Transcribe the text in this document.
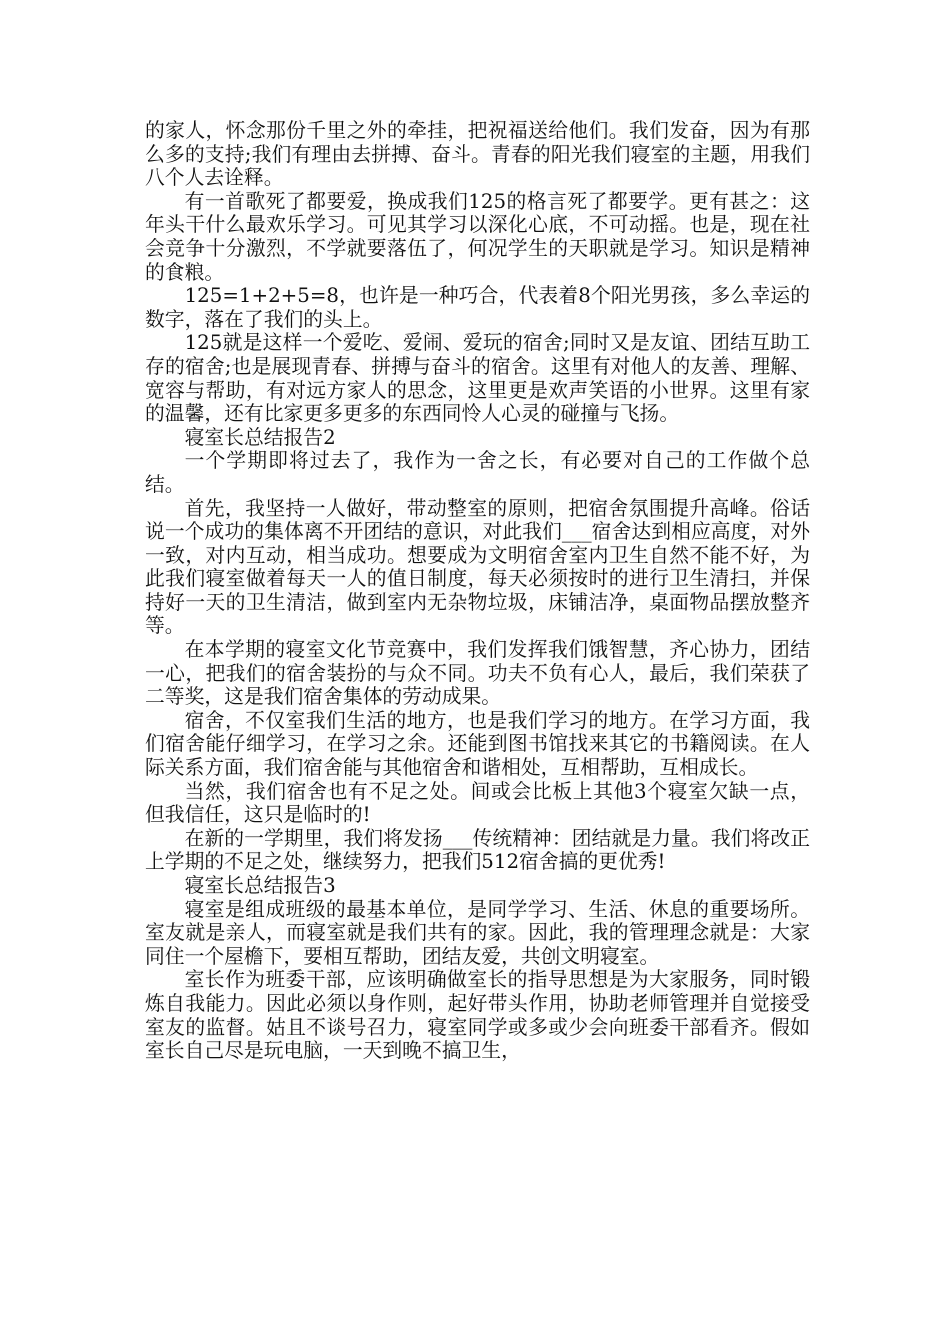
的家人，怀念那份千里之外的牵挂，把祝福送给他们。我们发奋，因为有那么多的支持;我们有理由去拼搏、奋斗。青春的阳光我们寝室的主题，用我们八个人去诠释。

有一首歌死了都要爱，换成我们125的格言死了都要学。更有甚之：这年头干什么最欢乐学习。可见其学习以深化心底，不可动摇。也是，现在社会竞争十分激烈，不学就要落伍了，何况学生的天职就是学习。知识是精神的食粮。

125=1+2+5=8，也许是一种巧合，代表着8个阳光男孩，多么幸运的数字，落在了我们的头上。

125就是这样一个爱吃、爱闹、爱玩的宿舍;同时又是友谊、团结互助工存的宿舍;也是展现青春、拼搏与奋斗的宿舍。这里有对他人的友善、理解、宽容与帮助，有对远方家人的思念，这里更是欢声笑语的小世界。这里有家的温馨，还有比家更多更多的东西同怜人心灵的碰撞与飞扬。

寝室长总结报告2

一个学期即将过去了，我作为一舍之长，有必要对自己的工作做个总结。

首先，我坚持一人做好，带动整室的原则，把宿舍氛围提升高峰。俗话说一个成功的集体离不开团结的意识，对此我们___宿舍达到相应高度，对外一致，对内互动，相当成功。想要成为文明宿舍室内卫生自然不能不好，为此我们寝室做着每天一人的值日制度，每天必须按时的进行卫生清扫，并保持好一天的卫生清洁，做到室内无杂物垃圾，床铺洁净，桌面物品摆放整齐等。

在本学期的寝室文化节竞赛中，我们发挥我们饿智慧，齐心协力，团结一心，把我们的宿舍装扮的与众不同。功夫不负有心人，最后，我们荣获了二等奖，这是我们宿舍集体的劳动成果。

宿舍，不仅室我们生活的地方，也是我们学习的地方。在学习方面，我们宿舍能仔细学习，在学习之余。还能到图书馆找来其它的书籍阅读。在人际关系方面，我们宿舍能与其他宿舍和谐相处，互相帮助，互相成长。

当然，我们宿舍也有不足之处。间或会比板上其他3个寝室欠缺一点，但我信任，这只是临时的!

在新的一学期里，我们将发扬___传统精神：团结就是力量。我们将改正上学期的不足之处，继续努力，把我们512宿舍搞的更优秀!

寝室长总结报告3

寝室是组成班级的最基本单位，是同学学习、生活、休息的重要场所。室友就是亲人，而寝室就是我们共有的家。因此，我的管理理念就是：大家同住一个屋檐下，要相互帮助，团结友爱，共创文明寝室。

室长作为班委干部，应该明确做室长的指导思想是为大家服务，同时锻炼自我能力。因此必须以身作则，起好带头作用，协助老师管理并自觉接受室友的监督。姑且不谈号召力，寝室同学或多或少会向班委干部看齐。假如室长自己尽是玩电脑，一天到晚不搞卫生，
